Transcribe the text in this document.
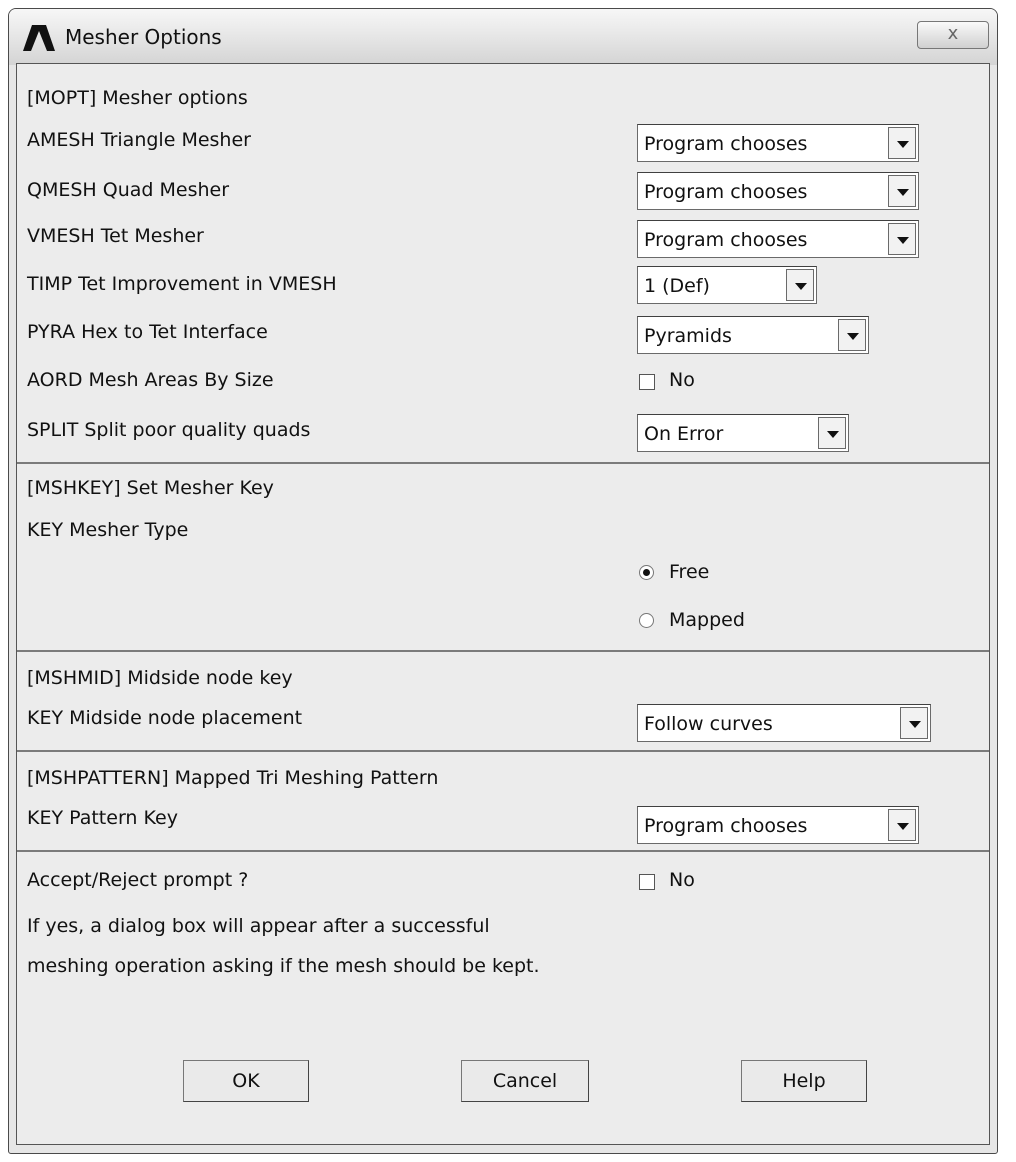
Mesher Options	x
[MOPT] Mesher options
AMESH Triangle Mesher	Program chooses
QMESH Quad Mesher	Program chooses
VMESH Tet Mesher	Program chooses
TIMP Tet Improvement in VMESH	1 (Def)
PYRA Hex to Tet Interface	Pyramids
AORD Mesh Areas By Size	No
SPLIT Split poor quality quads	On Error
[MSHKEY] Set Mesher Key
KEY Mesher Type
Free
Mapped
[MSHMID] Midside node key
KEY Midside node placement	Follow curves
[MSHPATTERN] Mapped Tri Meshing Pattern
KEY Pattern Key	Program chooses
Accept/Reject prompt ?	No
If yes, a dialog box will appear after a successful
meshing operation asking if the mesh should be kept.
OK	Cancel	Help
